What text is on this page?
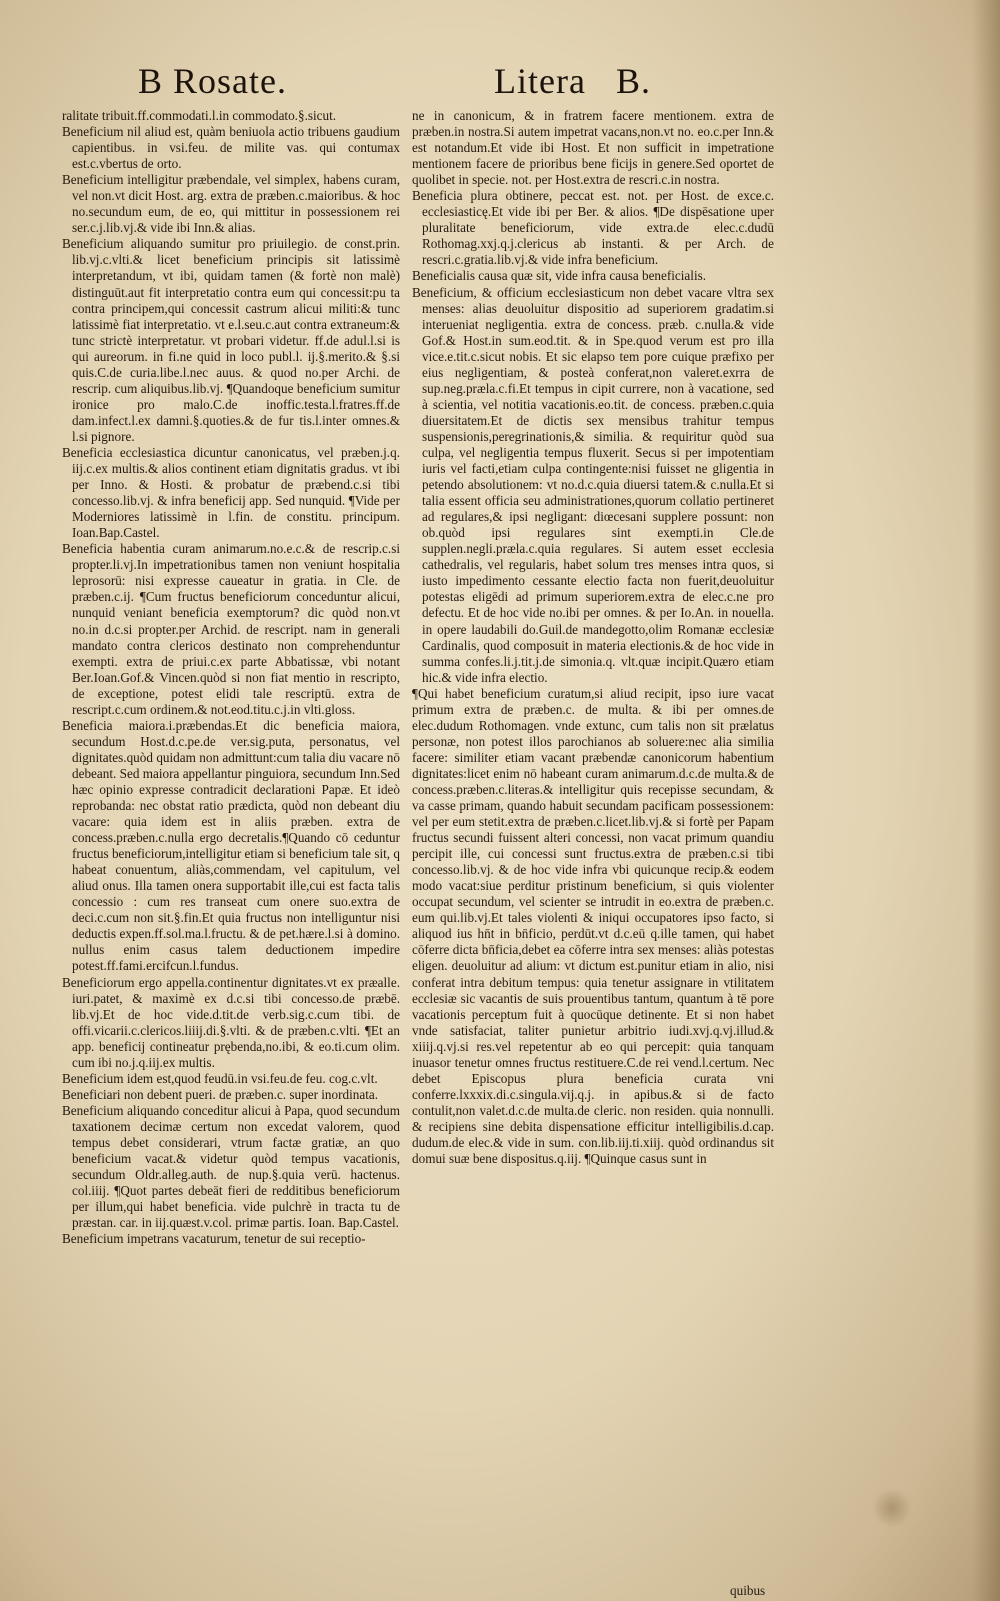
B Rosate.	Litera   B.

ralitate tribuit.ff.commodati.l.in commodato.§.sicut.

Beneficium nil aliud est, quàm beniuola actio tribuens gaudium capientibus. in vsi.feu. de milite vas. qui contumax est.c.vbertus de orto.

Beneficium intelligitur præbendale, vel simplex, habens curam, vel non.vt dicit Host. arg. extra de præben.c.maioribus. & hoc no.secundum eum, de eo, qui mittitur in possessionem rei ser.c.j.lib.vj.& vide ibi Inn.& alias.

Beneficium aliquando sumitur pro priuilegio. de const.prin. lib.vj.c.vlti.& licet beneficium principis sit latissimè interpretandum, vt ibi, quidam tamen (& fortè non malè) distinguūt.aut fit interpretatio contra eum qui concessit:pu ta contra principem,qui concessit castrum alicui militi:& tunc latissimè fiat interpretatio. vt e.l.seu.c.aut contra extraneum:& tunc strictè interpretatur. vt probari videtur. ff.de adul.l.si is qui aureorum. in fi.ne quid in loco publ.l. ij.§.merito.& §.si quis.C.de curia.libe.l.nec auus. & quod no.per Archi. de rescrip. cum aliquibus.lib.vj. ¶Quandoque beneficium sumitur ironice pro malo.C.de inoffic.testa.l.fratres.ff.de dam.infect.l.ex damni.§.quoties.& de fur tis.l.inter omnes.& l.si pignore.

Beneficia ecclesiastica dicuntur canonicatus, vel præben.j.q. iij.c.ex multis.& alios continent etiam dignitatis gradus. vt ibi per Inno. & Hosti. & probatur de præbend.c.si tibi concesso.lib.vj. & infra beneficij app. Sed nunquid. ¶Vide per Moderniores latissimè in l.fin. de constitu. principum. Ioan.Bap.Castel.

Beneficia habentia curam animarum.no.e.c.& de rescrip.c.si propter.li.vj.In impetrationibus tamen non veniunt hospitalia leprosorū: nisi expresse caueatur in gratia. in Cle. de præben.c.ij. ¶Cum fructus beneficiorum conceduntur alicui, nunquid veniant beneficia exemptorum? dic quòd non.vt no.in d.c.si propter.per Archid. de rescript. nam in generali mandato contra clericos destinato non comprehenduntur exempti. extra de priui.c.ex parte Abbatissæ, vbi notant Ber.Ioan.Gof.& Vincen.quòd si non fiat mentio in rescripto, de exceptione, potest elidi tale rescriptū. extra de rescript.c.cum ordinem.& not.eod.titu.c.j.in vlti.gloss.

Beneficia maiora.i.præbendas.Et dic beneficia maiora, secundum Host.d.c.pe.de ver.sig.puta, personatus, vel dignitates.quòd quidam non admittunt:cum talia diu vacare nō debeant. Sed maiora appellantur pinguiora, secundum Inn.Sed hæc opinio expresse contradicit declarationi Papæ. Et ideò reprobanda: nec obstat ratio prædicta, quòd non debeant diu vacare: quia idem est in aliis præben. extra de concess.præben.c.nulla ergo decretalis.¶Quando cō ceduntur fructus beneficiorum,intelligitur etiam si beneficium tale sit, q habeat conuentum, aliàs,commendam, vel capitulum, vel aliud onus. Illa tamen onera supportabit ille,cui est facta talis concessio : cum res transeat cum onere suo.extra de deci.c.cum non sit.§.fin.Et quia fructus non intelliguntur nisi deductis expen.ff.sol.ma.l.fructu. & de pet.hære.l.si à domino. nullus enim casus talem deductionem impedire potest.ff.fami.ercifcun.l.fundus.

Beneficiorum ergo appella.continentur dignitates.vt ex præalle. iuri.patet, & maximè ex d.c.si tibi concesso.de præbē. lib.vj.Et de hoc vide.d.tit.de verb.sig.c.cum tibi. de offi.vicarii.c.clericos.liiij.di.§.vlti. & de præben.c.vlti. ¶Et an app. beneficij contineatur prębenda,no.ibi, & eo.ti.cum olim. cum ibi no.j.q.iij.ex multis.

Beneficium idem est,quod feudū.in vsi.feu.de feu. cog.c.vlt.

Beneficiari non debent pueri. de præben.c. super inordinata.

Beneficium aliquando conceditur alicui à Papa, quod secundum taxationem decimæ certum non excedat valorem, quod tempus debet considerari, vtrum factæ gratiæ, an quo beneficium vacat.& videtur quòd tempus vacationis, secundum Oldr.alleg.auth. de nup.§.quia verū. hactenus. col.iiij. ¶Quot partes debeāt fieri de redditibus beneficiorum per illum,qui habet beneficia. vide pulchrè in tracta tu de præstan. car. in iij.quæst.v.col. primæ partis. Ioan. Bap.Castel.

Beneficium impetrans vacaturum, tenetur de sui receptio-

ne in canonicum, & in fratrem facere mentionem. extra de præben.in nostra.Si autem impetrat vacans,non.vt no. eo.c.per Inn.& est notandum.Et vide ibi Host. Et non sufficit in impetratione mentionem facere de prioribus bene ficijs in genere.Sed oportet de quolibet in specie. not. per Host.extra de rescri.c.in nostra.

Beneficia plura obtinere, peccat est. not. per Host. de exce.c. ecclesiasticę.Et vide ibi per Ber. & alios. ¶De dispēsatione uper pluralitate beneficiorum, vide extra.de elec.c.dudū Rothomag.xxj.q.j.clericus ab instanti. & per Arch. de rescri.c.gratia.lib.vj.& vide infra beneficium.

Beneficialis causa quæ sit, vide infra causa beneficialis.

Beneficium, & officium ecclesiasticum non debet vacare vltra sex menses: alias deuoluitur dispositio ad superiorem gradatim.si interueniat negligentia. extra de concess. præb. c.nulla.& vide Gof.& Host.in sum.eod.tit. & in Spe.quod verum est pro illa vice.e.tit.c.sicut nobis. Et sic elapso tem pore cuique præfixo per eius negligentiam, & posteà conferat,non valeret.exrra de sup.neg.præla.c.fi.Et tempus in cipit currere, non à vacatione, sed à scientia, vel notitia vacationis.eo.tit. de concess. præben.c.quia diuersitatem.Et de dictis sex mensibus trahitur tempus suspensionis,peregrinationis,& similia. & requiritur quòd sua culpa, vel negligentia tempus fluxerit. Secus si per impotentiam iuris vel facti,etiam culpa contingente:nisi fuisset ne gligentia in petendo absolutionem: vt no.d.c.quia diuersi tatem.& c.nulla.Et si talia essent officia seu administrationes,quorum collatio pertineret ad regulares,& ipsi negligant: diœcesani supplere possunt: non ob.quòd ipsi regulares sint exempti.in Cle.de supplen.negli.præla.c.quia regulares. Si autem esset ecclesia cathedralis, vel regularis, habet solum tres menses intra quos, si iusto impedimento cessante electio facta non fuerit,deuoluitur potestas eligēdi ad primum superiorem.extra de elec.c.ne pro defectu. Et de hoc vide no.ibi per omnes. & per Io.An. in nouella. in opere laudabili do.Guil.de mandegotto,olim Romanæ ecclesiæ Cardinalis, quod composuit in materia electionis.& de hoc vide in summa confes.li.j.tit.j.de simonia.q. vlt.quæ incipit.Quæro etiam hic.& vide infra electio.

¶Qui habet beneficium curatum,si aliud recipit, ipso iure vacat primum extra de præben.c. de multa. & ibi per omnes.de elec.dudum Rothomagen. vnde extunc, cum talis non sit prælatus personæ, non potest illos parochianos ab soluere:nec alia similia facere: similiter etiam vacant præbendæ canonicorum habentium dignitates:licet enim nō habeant curam animarum.d.c.de multa.& de concess.præben.c.literas.& intelligitur quis recepisse secundam, & va casse primam, quando habuit secundam pacificam possessionem: vel per eum stetit.extra de præben.c.licet.lib.vj.& si fortè per Papam fructus secundi fuissent alteri concessi, non vacat primum quandiu percipit ille, cui concessi sunt fructus.extra de præben.c.si tibi concesso.lib.vj. & de hoc vide infra vbi quicunque recip.& eodem modo vacat:siue perditur pristinum beneficium, si quis violenter occupat secundum, vel scienter se intrudit in eo.extra de præben.c. eum qui.lib.vj.Et tales violenti & iniqui occupatores ipso facto, si aliquod ius hn̄t in bn̄ficio, perdūt.vt d.c.eū q.ille tamen, qui habet cōferre dicta bn̄ficia,debet ea cōferre intra sex menses: aliàs potestas eligen. deuoluitur ad alium: vt dictum est.punitur etiam in alio, nisi conferat intra debitum tempus: quia tenetur assignare in vtilitatem ecclesiæ sic vacantis de suis prouentibus tantum, quantum à tē pore vacationis perceptum fuit à quocūque detinente. Et si non habet vnde satisfaciat, taliter punietur arbitrio iudi.xvj.q.vj.illud.& xiiij.q.vj.si res.vel repetentur ab eo qui percepit: quia tanquam inuasor tenetur omnes fructus restituere.C.de rei vend.l.certum. Nec debet Episcopus plura beneficia curata vni conferre.lxxxix.di.c.singula.vij.q.j. in apibus.& si de facto contulit,non valet.d.c.de multa.de cleric. non residen. quia nonnulli. & recipiens sine debita dispensatione efficitur intelligibilis.d.cap. dudum.de elec.& vide in sum. con.lib.iij.ti.xiij. quòd ordinandus sit domui suæ bene dispositus.q.iij. ¶Quinque casus sunt in

quibus
